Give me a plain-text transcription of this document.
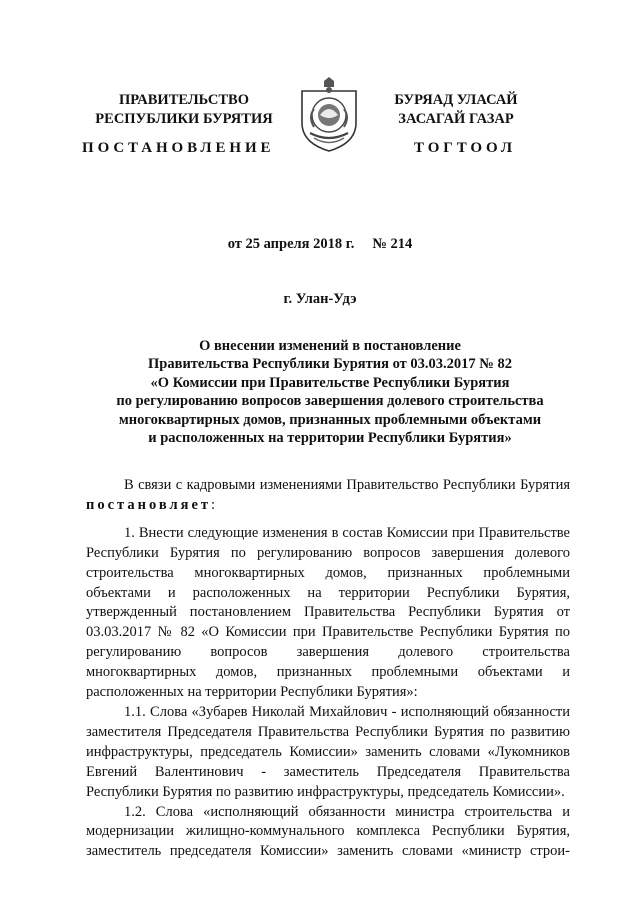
ПРАВИТЕЛЬСТВО
РЕСПУБЛИКИ БУРЯТИЯ
БУРЯАД УЛАСАЙ
ЗАСАГАЙ ГАЗАР
ПОСТАНОВЛЕНИЕ	ТОГТООЛ
от 25 апреля 2018 г. № 214
г. Улан-Удэ
О внесении изменений в постановление
Правительства Республики Бурятия от 03.03.2017 № 82
«О Комиссии при Правительстве Республики Бурятия
по регулированию вопросов завершения долевого строительства
многоквартирных домов, признанных проблемными объектами
и расположенных на территории Республики Бурятия»

В связи с кадровыми изменениями Правительство Республики Бурятия постановляет:

1. Внести следующие изменения в состав Комиссии при Правительстве Республики Бурятия по регулированию вопросов завершения долевого строительства многоквартирных домов, признанных проблемными объектами и расположенных на территории Республики Бурятия, утвержденный постановлением Правительства Республики Бурятия от 03.03.2017 № 82 «О Комиссии при Правительстве Республики Бурятия по регулированию вопросов завершения долевого строительства многоквартирных домов, признанных проблемными объектами и расположенных на территории Республики Бурятия»:

1.1. Слова «Зубарев Николай Михайлович - исполняющий обязанности заместителя Председателя Правительства Республики Бурятия по развитию инфраструктуры, председатель Комиссии» заменить словами «Лукомников Евгений Валентинович - заместитель Председателя Правительства Республики Бурятия по развитию инфраструктуры, председатель Комиссии».

1.2. Слова «исполняющий обязанности министра строительства и модернизации жилищно-коммунального комплекса Республики Бурятия, заместитель председателя Комиссии» заменить словами «министр строи-
